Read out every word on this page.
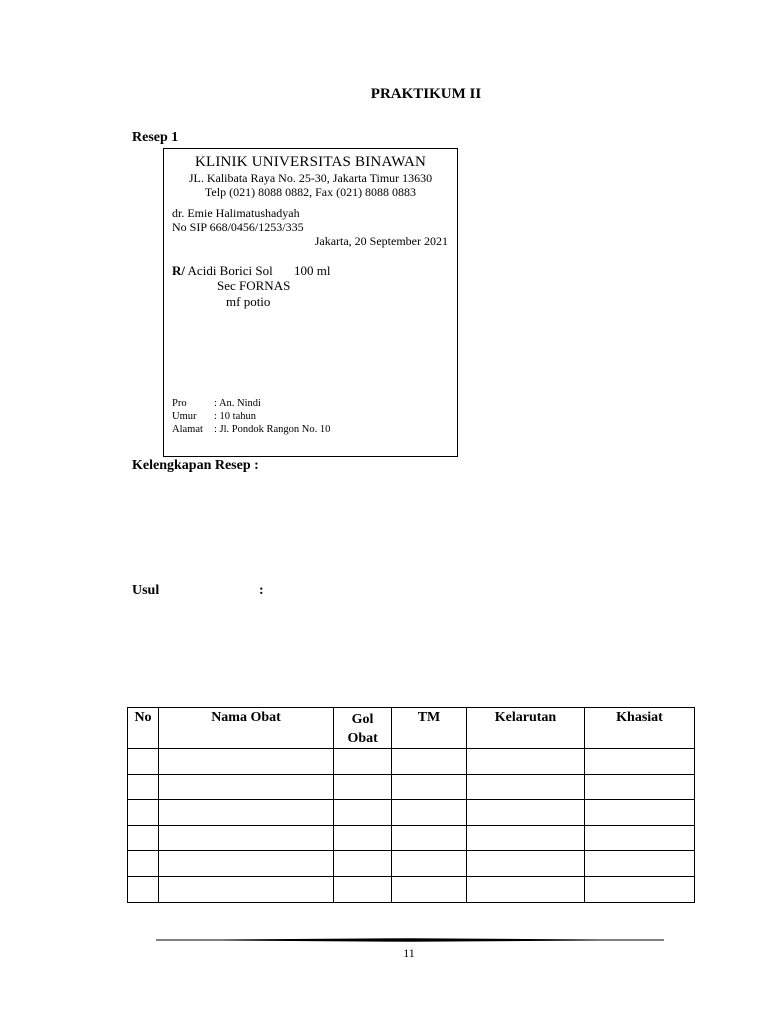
PRAKTIKUM II
Resep 1
KLINIK UNIVERSITAS BINAWAN
JL. Kalibata Raya No. 25-30, Jakarta Timur 13630
Telp (021) 8088 0882, Fax (021) 8088 0883
dr. Emie Halimatushadyah
No SIP 668/0456/1253/335
Jakarta, 20 September 2021
R/ Acidi Borici Sol 100 ml
Sec FORNAS
mf potio
Pro	: An. Nindi
Umur : 10 tahun
Alamat : Jl. Pondok Rangon No. 10
Kelengkapan Resep :
Usul	:
No	Nama Obat	Gol Obat	TM	Kelarutan	Khasiat

11
